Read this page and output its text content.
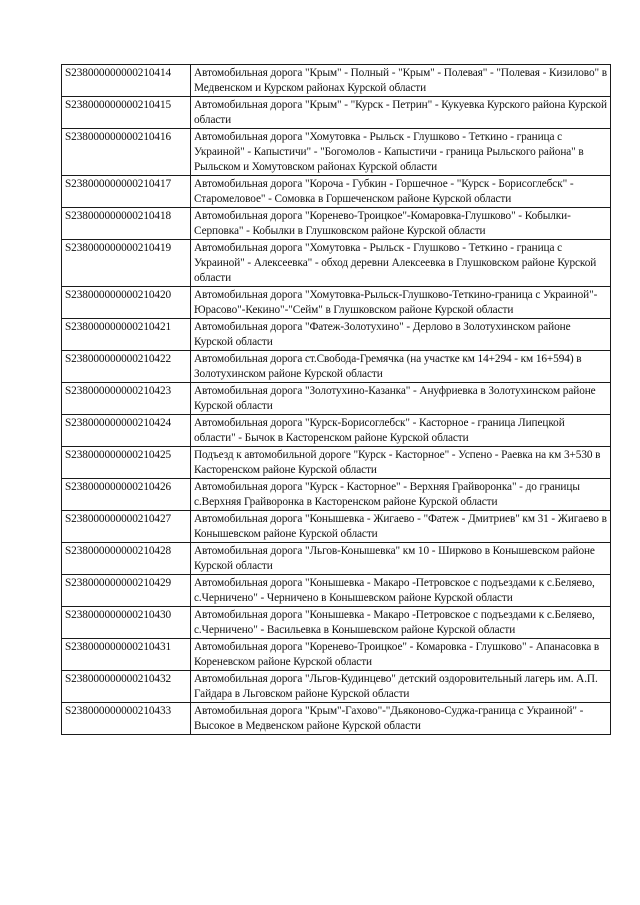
S238000000000210414	Автомобильная дорога "Крым" - Полный - "Крым" - Полевая" - "Полевая - Кизилово" в Медвенском и Курском районах Курской области
S238000000000210415	Автомобильная дорога "Крым" - "Курск - Петрин" - Кукуевка Курского района Курской области
S238000000000210416	Автомобильная дорога "Хомутовка - Рыльск - Глушково - Теткино - граница с Украиной" - Капыстичи" - "Богомолов - Капыстичи - граница Рыльского района" в Рыльском и Хомутовском районах Курской области
S238000000000210417	Автомобильная дорога "Короча - Губкин - Горшечное - "Курск - Борисоглебск" - Старомеловое" - Сомовка в Горшеченском районе Курской области
S238000000000210418	Автомобильная дорога "Коренево-Троицкое"-Комаровка-Глушково" - Кобылки-Серповка" - Кобылки в Глушковском районе Курской области
S238000000000210419	Автомобильная дорога "Хомутовка - Рыльск - Глушково - Теткино - граница с Украиной" - Алексеевка" - обход деревни Алексеевка в Глушковском районе Курской области
S238000000000210420	Автомобильная дорога "Хомутовка-Рыльск-Глушково-Теткино-граница с Украиной"- Юрасово"-Кекино"-"Сейм" в Глушковском районе Курской области
S238000000000210421	Автомобильная дорога "Фатеж-Золотухино" - Дерлово в Золотухинском районе Курской области
S238000000000210422	Автомобильная дорога ст.Свобода-Гремячка (на участке км 14+294 - км 16+594) в Золотухинском районе Курской области
S238000000000210423	Автомобильная дорога "Золотухино-Казанка" - Ануфриевка в Золотухинском районе Курской области
S238000000000210424	Автомобильная дорога "Курск-Борисоглебск" - Касторное - граница Липецкой области" - Бычок в Касторенском районе Курской области
S238000000000210425	Подъезд к автомобильной дороге "Курск - Касторное" - Успено - Раевка на км 3+530 в Касторенском районе Курской области
S238000000000210426	Автомобильная дорога "Курск - Касторное" - Верхняя Грайворонка" - до границы с.Верхняя Грайворонка в Касторенском районе Курской области
S238000000000210427	Автомобильная дорога "Конышевка - Жигаево - "Фатеж - Дмитриев" км 31 - Жигаево в Конышевском районе Курской области
S238000000000210428	Автомобильная дорога "Льгов-Конышевка" км 10 - Ширково в Конышевском районе Курской области
S238000000000210429	Автомобильная дорога "Конышевка - Макаро -Петровское с подъездами к с.Беляево, с.Черничено" - Черничено в Конышевском районе Курской области
S238000000000210430	Автомобильная дорога "Конышевка - Макаро -Петровское с подъездами к с.Беляево, с.Черничено" - Васильевка в Конышевском районе Курской области
S238000000000210431	Автомобильная дорога "Коренево-Троицкое" - Комаровка - Глушково" - Апанасовка в Кореневском районе Курской области
S238000000000210432	Автомобильная дорога "Льгов-Кудинцево" детский оздоровительный лагерь им. А.П. Гайдара в Льговском районе Курской области
S238000000000210433	Автомобильная дорога "Крым"-Гахово"-"Дьяконово-Суджа-граница с Украиной" - Высокое в Медвенском районе Курской области
